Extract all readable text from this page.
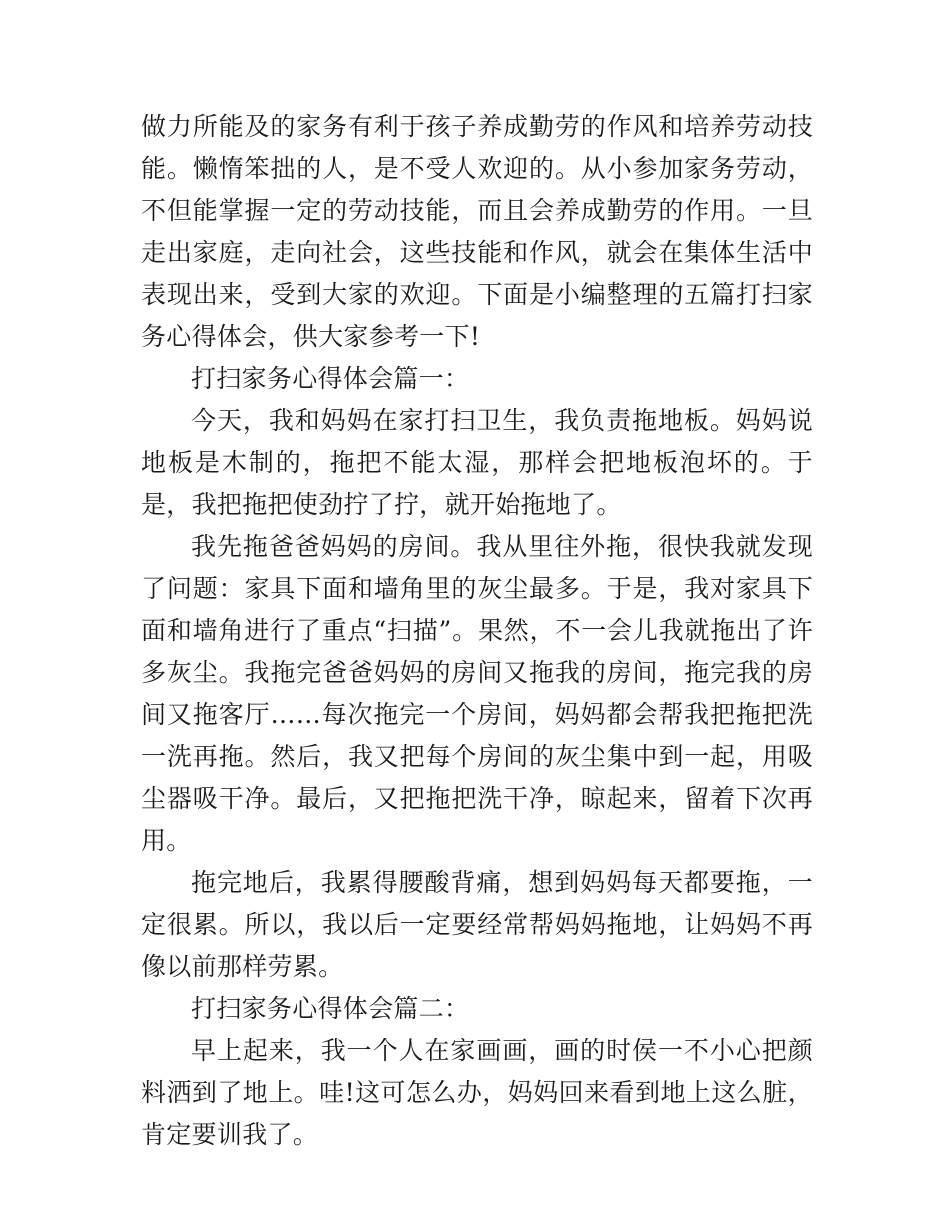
做力所能及的家务有利于孩子养成勤劳的作风和培养劳动技能。懒惰笨拙的人，是不受人欢迎的。从小参加家务劳动，不但能掌握一定的劳动技能，而且会养成勤劳的作用。一旦走出家庭，走向社会，这些技能和作风，就会在集体生活中表现出来，受到大家的欢迎。下面是小编整理的五篇打扫家务心得体会，供大家参考一下!

打扫家务心得体会篇一：

今天，我和妈妈在家打扫卫生，我负责拖地板。妈妈说地板是木制的，拖把不能太湿，那样会把地板泡坏的。于是，我把拖把使劲拧了拧，就开始拖地了。

我先拖爸爸妈妈的房间。我从里往外拖，很快我就发现了问题：家具下面和墙角里的灰尘最多。于是，我对家具下面和墙角进行了重点“扫描”。果然，不一会儿我就拖出了许多灰尘。我拖完爸爸妈妈的房间又拖我的房间，拖完我的房间又拖客厅……每次拖完一个房间，妈妈都会帮我把拖把洗一洗再拖。然后，我又把每个房间的灰尘集中到一起，用吸尘器吸干净。最后，又把拖把洗干净，晾起来，留着下次再用。

拖完地后，我累得腰酸背痛，想到妈妈每天都要拖，一定很累。所以，我以后一定要经常帮妈妈拖地，让妈妈不再像以前那样劳累。

打扫家务心得体会篇二：

早上起来，我一个人在家画画，画的时侯一不小心把颜料洒到了地上。哇!这可怎么办，妈妈回来看到地上这么脏，肯定要训我了。
